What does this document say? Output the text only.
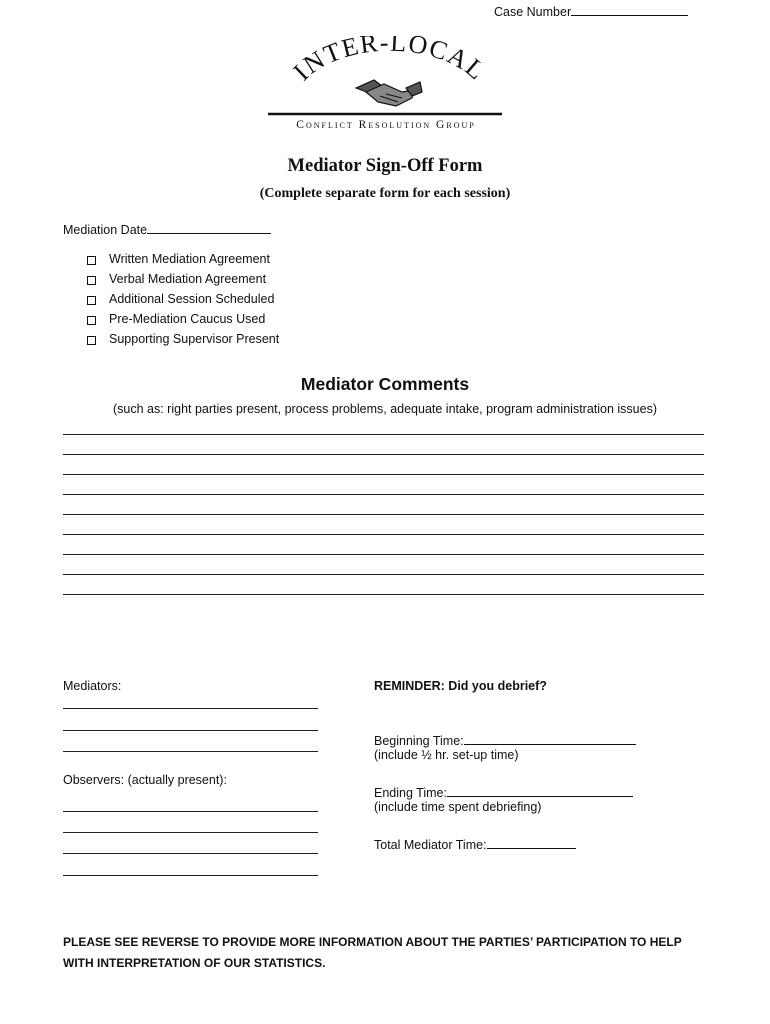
Case Number
INTER-LOCAL
Conflict Resolution Group
Mediator Sign-Off Form
(Complete separate form for each session)
Mediation Date
Written Mediation Agreement
Verbal Mediation Agreement
Additional Session Scheduled
Pre-Mediation Caucus Used
Supporting Supervisor Present
Mediator Comments
(such as: right parties present, process problems, adequate intake, program administration issues)
Mediators:
Observers: (actually present):
REMINDER: Did you debrief?
Beginning Time:
(include ½ hr. set-up time)
Ending Time:
(include time spent debriefing)
Total Mediator Time:
PLEASE SEE REVERSE TO PROVIDE MORE INFORMATION ABOUT THE PARTIES’ PARTICIPATION TO HELP WITH INTERPRETATION OF OUR STATISTICS.
